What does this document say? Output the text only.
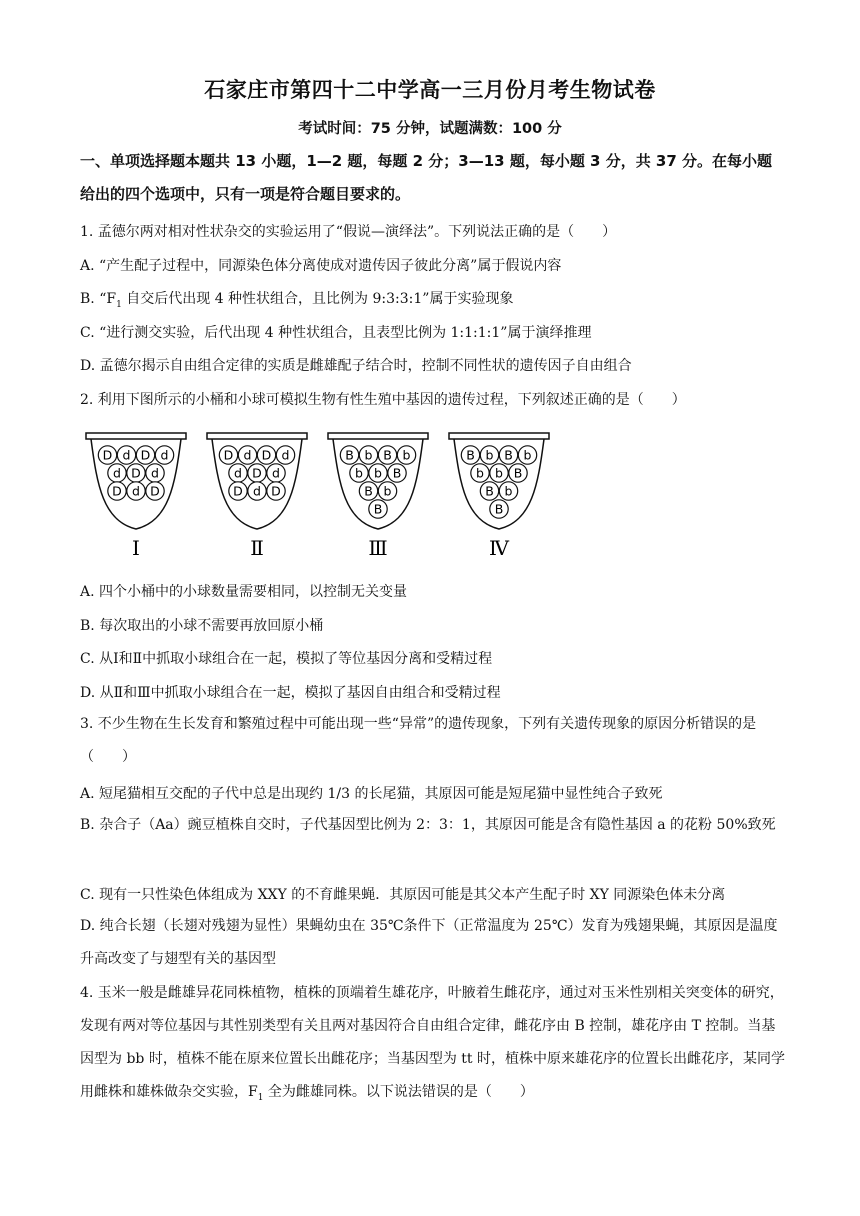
石家庄市第四十二中学高一三月份月考生物试卷
考试时间：75 分钟，试题满数：100 分
一、单项选择题本题共 13 小题，1—2 题，每题 2 分；3—13 题，每小题 3 分，共 37 分。在每小题给出的四个选项中，只有一项是符合题目要求的。
1. 孟德尔两对相对性状杂交的实验运用了“假说—演绎法”。下列说法正确的是（　　）
A. “产生配子过程中，同源染色体分离使成对遗传因子彼此分离”属于假说内容
B. “$F_1$ 自交后代出现 4 种性状组合，且比例为 9:3:3:1”属于实验现象
C. “进行测交实验，后代出现 4 种性状组合，且表型比例为 1:1:1:1”属于演绎推理
D. 孟德尔揭示自由组合定律的实质是雌雄配子结合时，控制不同性状的遗传因子自由组合
2. 利用下图所示的小桶和小球可模拟生物有性生殖中基因的遗传过程，下列叙述正确的是（　　）
D d D d
d D d
D d D
Ⅰ
D d D d
d D d
D d D
Ⅱ
B b B b
b b B
B b
B
Ⅲ
B b B b
b b B
B b
B
Ⅳ
A. 四个小桶中的小球数量需要相同，以控制无关变量
B. 每次取出的小球不需要再放回原小桶
C. 从Ⅰ和Ⅱ中抓取小球组合在一起，模拟了等位基因分离和受精过程
D. 从Ⅱ和Ⅲ中抓取小球组合在一起，模拟了基因自由组合和受精过程
3. 不少生物在生长发育和繁殖过程中可能出现一些“异常”的遗传现象，下列有关遗传现象的原因分析错误的是（　　）
A. 短尾猫相互交配的子代中总是出现约 1/3 的长尾猫，其原因可能是短尾猫中显性纯合子致死
B. 杂合子（Aa）豌豆植株自交时，子代基因型比例为 2：3：1，其原因可能是含有隐性基因 a 的花粉 50%致死
C. 现有一只性染色体组成为 XXY 的不育雌果蝇．其原因可能是其父本产生配子时 XY 同源染色体未分离
D. 纯合长翅（长翅对残翅为显性）果蝇幼虫在 35℃条件下（正常温度为 25℃）发育为残翅果蝇，其原因是温度升高改变了与翅型有关的基因型
4. 玉米一般是雌雄异花同株植物，植株的顶端着生雄花序，叶腋着生雌花序，通过对玉米性别相关突变体的研究，发现有两对等位基因与其性别类型有关且两对基因符合自由组合定律，雌花序由 B 控制，雄花序由 T 控制。当基因型为 bb 时，植株不能在原来位置长出雌花序；当基因型为 tt 时，植株中原来雄花序的位置长出雌花序，某同学用雌株和雄株做杂交实验，$F_1$ 全为雌雄同株。以下说法错误的是（　　）
